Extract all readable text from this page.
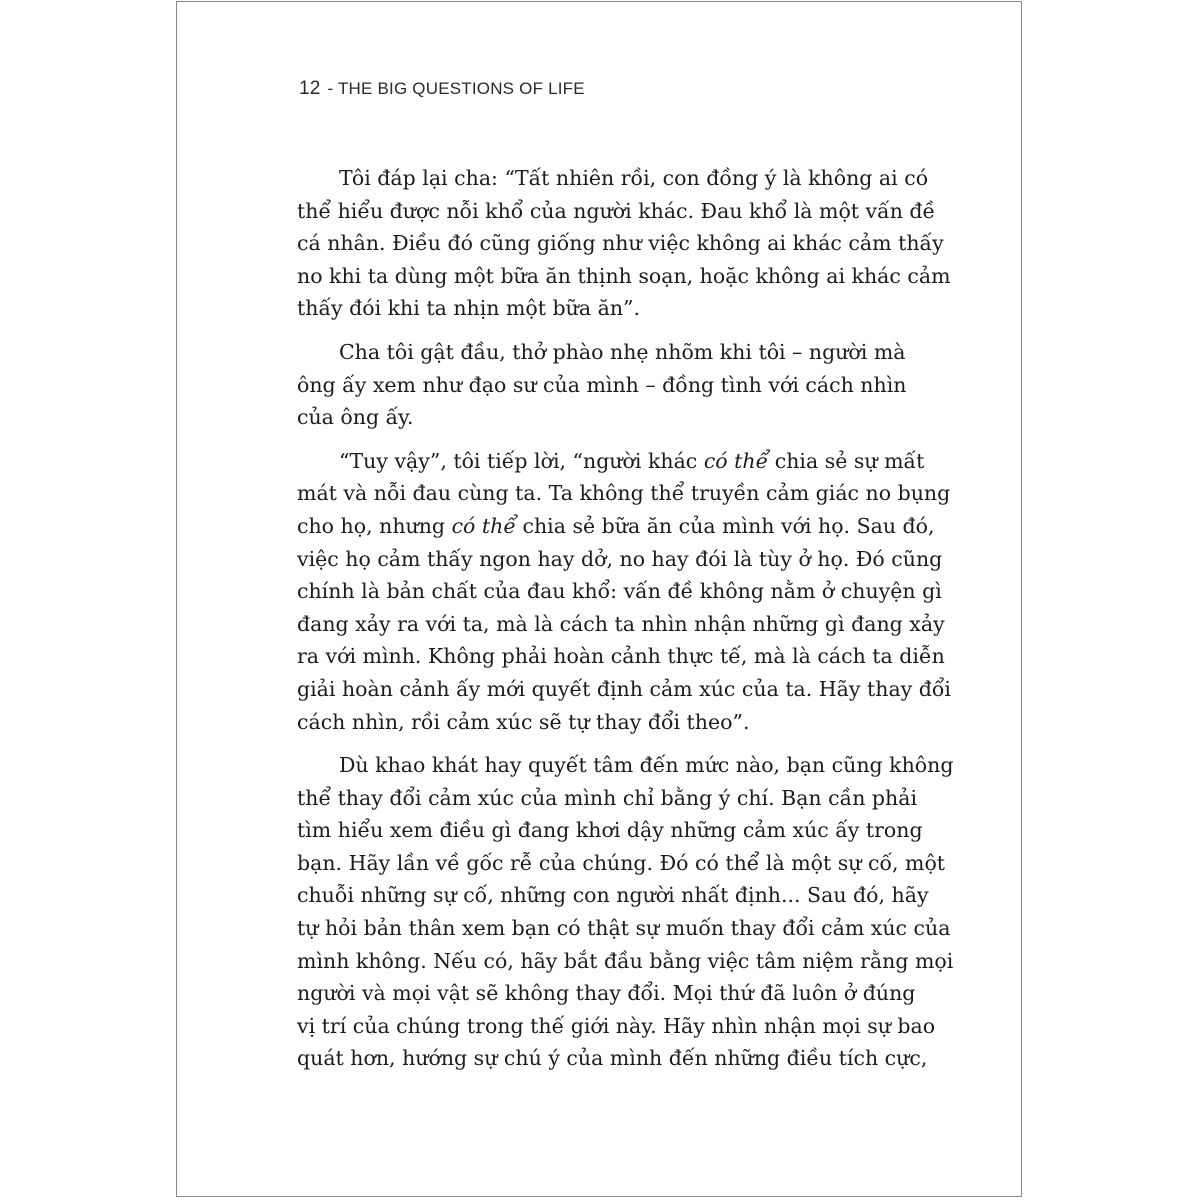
12 - THE BIG QUESTIONS OF LIFE

Tôi đáp lại cha: “Tất nhiên rồi, con đồng ý là không ai có
thể hiểu được nỗi khổ của người khác. Đau khổ là một vấn đề
cá nhân. Điều đó cũng giống như việc không ai khác cảm thấy
no khi ta dùng một bữa ăn thịnh soạn, hoặc không ai khác cảm
thấy đói khi ta nhịn một bữa ăn”.

Cha tôi gật đầu, thở phào nhẹ nhõm khi tôi – người mà
ông ấy xem như đạo sư của mình – đồng tình với cách nhìn
của ông ấy.

“Tuy vậy”, tôi tiếp lời, “người khác có thể chia sẻ sự mất
mát và nỗi đau cùng ta. Ta không thể truyền cảm giác no bụng
cho họ, nhưng có thể chia sẻ bữa ăn của mình với họ. Sau đó,
việc họ cảm thấy ngon hay dở, no hay đói là tùy ở họ. Đó cũng
chính là bản chất của đau khổ: vấn đề không nằm ở chuyện gì
đang xảy ra với ta, mà là cách ta nhìn nhận những gì đang xảy
ra với mình. Không phải hoàn cảnh thực tế, mà là cách ta diễn
giải hoàn cảnh ấy mới quyết định cảm xúc của ta. Hãy thay đổi
cách nhìn, rồi cảm xúc sẽ tự thay đổi theo”.

Dù khao khát hay quyết tâm đến mức nào, bạn cũng không
thể thay đổi cảm xúc của mình chỉ bằng ý chí. Bạn cần phải
tìm hiểu xem điều gì đang khơi dậy những cảm xúc ấy trong
bạn. Hãy lần về gốc rễ của chúng. Đó có thể là một sự cố, một
chuỗi những sự cố, những con người nhất định... Sau đó, hãy
tự hỏi bản thân xem bạn có thật sự muốn thay đổi cảm xúc của
mình không. Nếu có, hãy bắt đầu bằng việc tâm niệm rằng mọi
người và mọi vật sẽ không thay đổi. Mọi thứ đã luôn ở đúng
vị trí của chúng trong thế giới này. Hãy nhìn nhận mọi sự bao
quát hơn, hướng sự chú ý của mình đến những điều tích cực,
